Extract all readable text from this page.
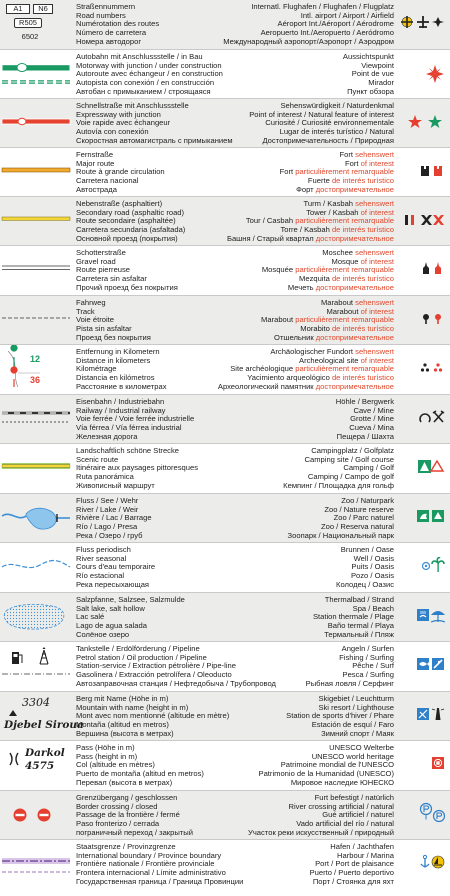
A1	N6
R505
6502
Straßennummern
Road numbers
Numérotation des routes
Número de carretera
Номера автодорог
Internatl. Flughafen / Flughafen / Flugplatz
Intl. airport / Airport / Airfield
Aéroport Int./Aéroport / Aérodrome
Aeropuerto Int./Aeropuerto / Aeródromo
Международный аэропорт/Аэропорт / Аэродром
Autobahn mit Anschlussstelle / in Bau
Motorway with junction / under construction
Autoroute avec échangeur / en construction
Autopista con conexión / en construcción
Автобан с примыканием / строящаяся
Aussichtspunkt
Viewpoint
Point de vue
Mirador
Пункт обзора
Schnellstraße mit Anschlussstelle
Expressway with junction
Voie rapide avec échangeur
Autovía con conexión
Скоростная автомагистраль с примыканием
Sehenswürdigkeit / Naturdenkmal
Point of interest / Natural feature of interest
Curiosité / Curiosité environnementale
Lugar de interés turístico / Natural
Достопримечательность / Природная
Fernstraße
Major route
Route à grande circulation
Carretera nacional
Автострада
Fort sehenswert
Fort of interest
Fort particulièrement remarquable
Fuerte de interés turístico
Форт достопримечательное
Nebenstraße (asphaltiert)
Secondary road (asphaltic road)
Route secondaire (asphaltée)
Carretera secundaria (asfaltada)
Основной проезд (покрытия)
Turm / Kasbah sehenswert
Tower / Kasbah of interest
Tour / Casbah particulièrement remarquable
Torre / Kasbah de interés turístico
Башня / Старый квартал достопримечательное
Schotterstraße
Gravel road
Route pierreuse
Carretera sin asfaltar
Прочий проезд без покрытия
Moschee sehenswert
Mosque of interest
Mosquée particulièrement remarquable
Mezquita de interés turístico
Мечеть достопримечательное
Fahrweg
Track
Voie étroite
Pista sin asfaltar
Проезд без покрытия
Marabout sehenswert
Marabout of interest
Marabout particulièrement remarquable
Morabito de interés turístico
Отшельник достопримечательное
12
36
Entfernung in Kilometern
Distance in kilometers
Kilométrage
Distancia en kilómetros
Расстояние в километрах
Archäologischer Fundort sehenswert
Archeological site of interest
Site archéologique particulièrement remarquable
Yacimiento arqueológico de interés turístico
Археологический памятник достопримечательное
Eisenbahn / Industriebahn
Railway / Industrial railway
Voie ferrée / Voie ferrée industrielle
Vía férrea / Vía férrea industrial
Железная дорога
Höhle / Bergwerk
Cave / Mine
Grotte / Mine
Cueva / Mina
Пещера / Шахта
Landschaftlich schöne Strecke
Scenic route
Itinéraire aux paysages pittoresques
Ruta panorámica
Живописный маршрут
Campingplatz / Golfplatz
Camping site / Golf course
Camping / Golf
Camping / Campo de golf
Кемпинг / Площадка для гольф
Fluss / See / Wehr
River / Lake / Weir
Rivière / Lac / Barrage
Río / Lago / Presa
Река / Озеро / груб
Zoo / Naturpark
Zoo / Nature reserve
Zoo / Parc naturel
Zoo / Reserva natural
Зоопарк / Национальный парк
Fluss periodisch
River seasonal
Cours d'eau temporaire
Río estacional
Река пересыхающая
Brunnen / Oase
Well / Oasis
Puits / Oasis
Pozo / Oasis
Колодец / Оазис
Salzpfanne, Salzsee, Salzmulde
Salt lake, salt hollow
Lac salé
Lago de agua salada
Солёное озеро
Thermalbad / Strand
Spa / Beach
Station thermale / Plage
Baño termal / Playa
Термальный / Пляж
Tankstelle / Erdölförderung / Pipeline
Petrol station / Oil production / Pipeline
Station-service / Extraction pétrolière / Pipe-line
Gasolinera / Extracción petrolífera / Oleoducto
Автозаправочная станция / Нефтедобыча / Трубопровод
Angeln / Surfen
Fishing / Surfing
Pêche / Surf
Pesca / Surfing
Рыбная ловля / Серфинг
3304
Djebel Siroua
Berg mit Name (Höhe in m)
Mountain with name (height in m)
Mont avec nom mentionné (altitude en mètre)
Montaña (altitud en metros)
Вершина (высота в метрах)
Skigebiet / Leuchtturm
Ski resort / Lighthouse
Station de sports d'hiver / Phare
Estación de esquí / Faro
Зимний спорт / Маяк
Darkol
4575
Pass (Höhe in m)
Pass (height in m)
Col (altitude en mètres)
Puerto de montaña (altitud en metros)
Перевал (высота в метрах)
UNESCO Welterbe
UNESCO world heritage
Patrimoine mondial de l'UNESCO
Patrimonio de la Humanidad (UNESCO)
Мировое наследие ЮНЕСКО
Grenzübergang / geschlossen
Border crossing / closed
Passage de la frontière / fermé
Paso fronterizo / cerrada
пограничный переход / закрытый
Furt befestigt / natürlich
River crossing artificial / natural
Gué artificiel / naturel
Vado artificial del río / natural
Участок реки искусственный / природный
Staatsgrenze / Provinzgrenze
International boundary / Province boundary
Frontière nationale / Frontière provinciale
Frontera internacional / Límite administrativo
Государственная граница / Граница Провинции
Hafen / Jachthafen
Harbour / Marina
Port / Port de plaisance
Puerto / Puerto deportivo
Порт / Стоянка для яхт
